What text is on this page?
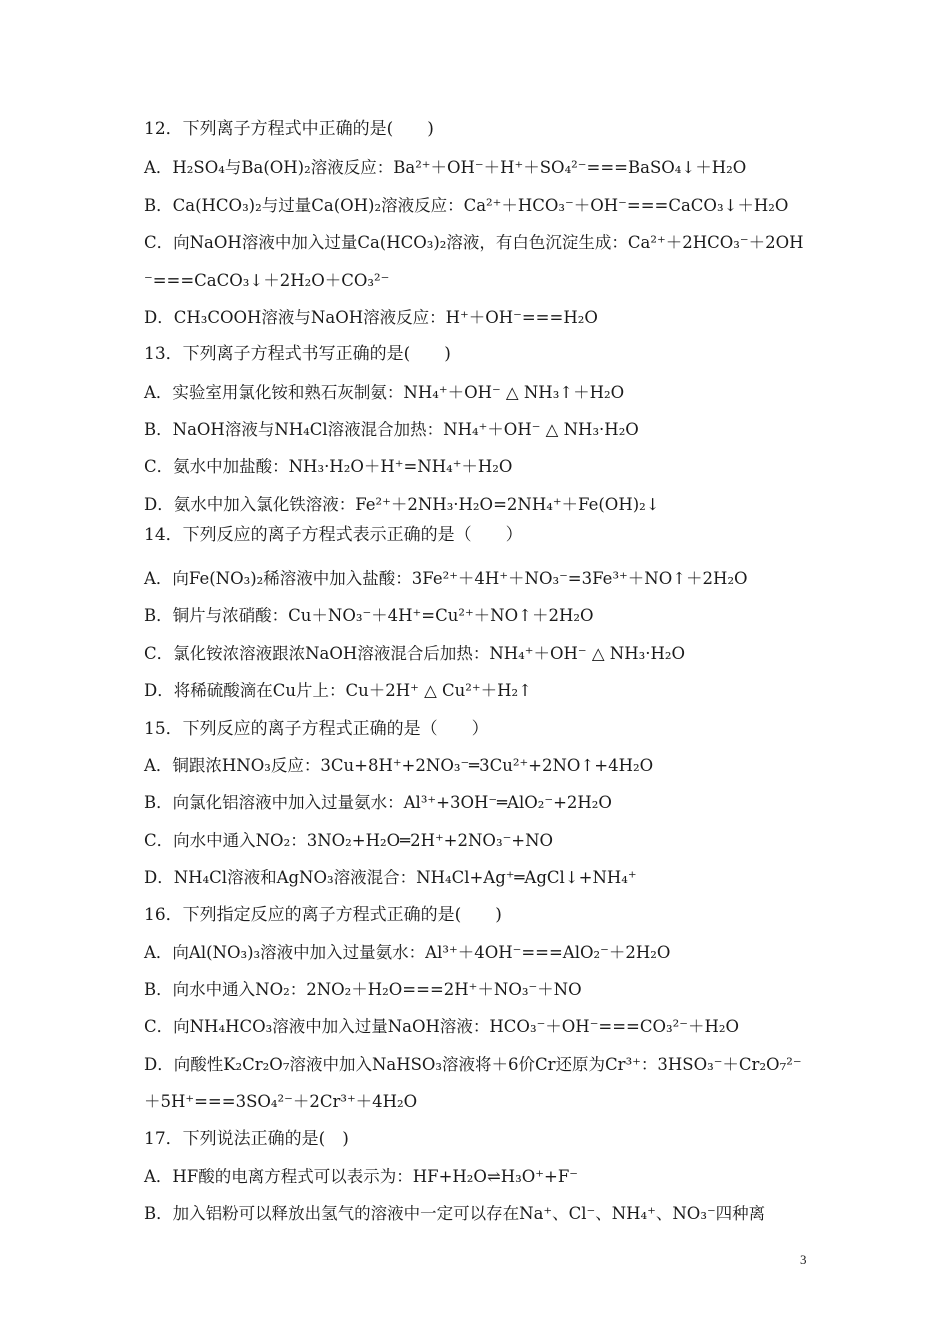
12．下列离子方程式中正确的是(　　)
A．H₂SO₄与Ba(OH)₂溶液反应：Ba²⁺＋OH⁻＋H⁺＋SO₄²⁻===BaSO₄↓＋H₂O
B．Ca(HCO₃)₂与过量Ca(OH)₂溶液反应：Ca²⁺＋HCO₃⁻＋OH⁻===CaCO₃↓＋H₂O
C．向NaOH溶液中加入过量Ca(HCO₃)₂溶液，有白色沉淀生成：Ca²⁺＋2HCO₃⁻＋2OH
⁻===CaCO₃↓＋2H₂O＋CO₃²⁻
D．CH₃COOH溶液与NaOH溶液反应：H⁺＋OH⁻===H₂O
13．下列离子方程式书写正确的是(　　)
A．实验室用氯化铵和熟石灰制氨：NH₄⁺＋OH⁻ △ NH₃↑＋H₂O
B．NaOH溶液与NH₄Cl溶液混合加热：NH₄⁺＋OH⁻ △ NH₃·H₂O
C．氨水中加盐酸：NH₃·H₂O＋H⁺=NH₄⁺＋H₂O
D．氨水中加入氯化铁溶液：Fe²⁺＋2NH₃·H₂O=2NH₄⁺＋Fe(OH)₂↓
14．下列反应的离子方程式表示正确的是（　　）
A．向Fe(NO₃)₂稀溶液中加入盐酸：3Fe²⁺＋4H⁺＋NO₃⁻=3Fe³⁺＋NO↑＋2H₂O
B．铜片与浓硝酸：Cu＋NO₃⁻＋4H⁺=Cu²⁺＋NO↑＋2H₂O
C．氯化铵浓溶液跟浓NaOH溶液混合后加热：NH₄⁺＋OH⁻ △ NH₃·H₂O
D．将稀硫酸滴在Cu片上：Cu＋2H⁺ △ Cu²⁺＋H₂↑
15．下列反应的离子方程式正确的是（　　）
A．铜跟浓HNO₃反应：3Cu+8H⁺+2NO₃⁻═3Cu²⁺+2NO↑+4H₂O
B．向氯化铝溶液中加入过量氨水：Al³⁺+3OH⁻═AlO₂⁻+2H₂O
C．向水中通入NO₂：3NO₂+H₂O═2H⁺+2NO₃⁻+NO
D．NH₄Cl溶液和AgNO₃溶液混合：NH₄Cl+Ag⁺═AgCl↓+NH₄⁺
16．下列指定反应的离子方程式正确的是(　　)
A．向Al(NO₃)₃溶液中加入过量氨水：Al³⁺＋4OH⁻===AlO₂⁻＋2H₂O
B．向水中通入NO₂：2NO₂＋H₂O===2H⁺＋NO₃⁻＋NO
C．向NH₄HCO₃溶液中加入过量NaOH溶液：HCO₃⁻＋OH⁻===CO₃²⁻＋H₂O
D．向酸性K₂Cr₂O₇溶液中加入NaHSO₃溶液将＋6价Cr还原为Cr³⁺：3HSO₃⁻＋Cr₂O₇²⁻
＋5H⁺===3SO₄²⁻＋2Cr³⁺＋4H₂O
17．下列说法正确的是(　)
A．HF酸的电离方程式可以表示为：HF+H₂O⇌H₃O⁺+F⁻
B．加入铝粉可以释放出氢气的溶液中一定可以存在Na⁺、Cl⁻、NH₄⁺、NO₃⁻四种离
3
